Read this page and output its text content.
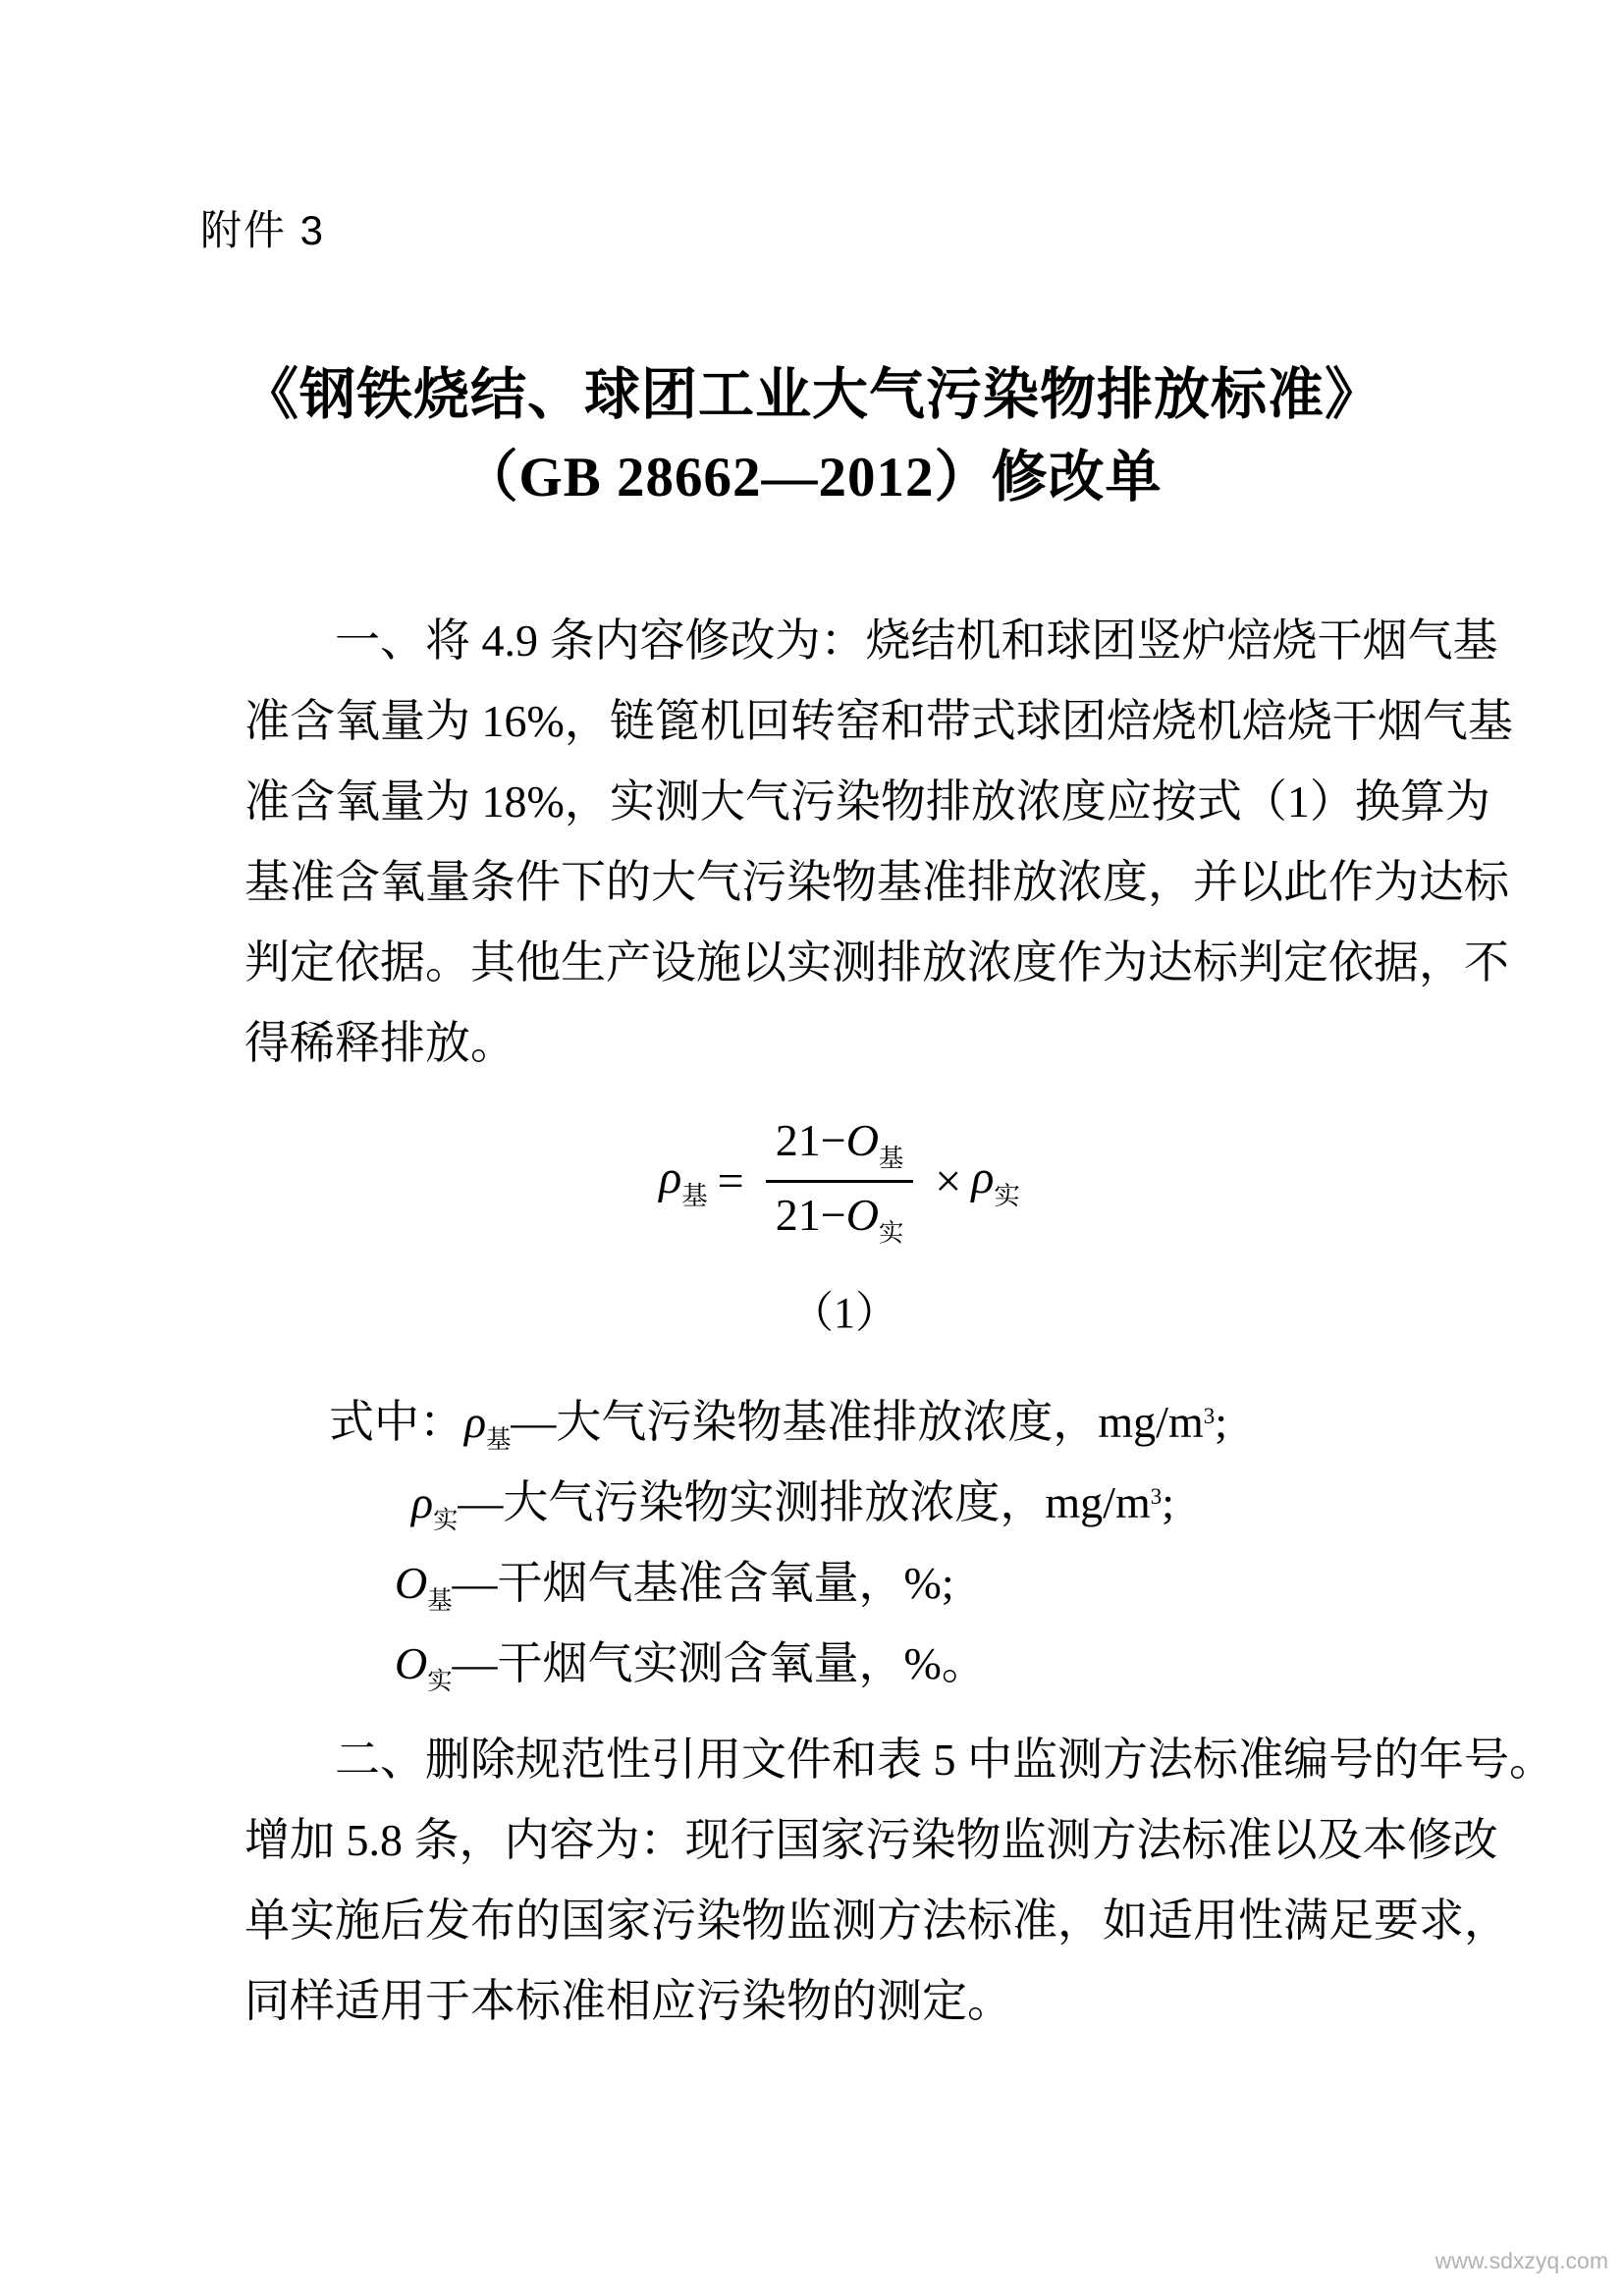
附件 3
《钢铁烧结、球团工业大气污染物排放标准》
（GB 28662—2012）修改单
一、将 4.9 条内容修改为：烧结机和球团竖炉焙烧干烟气基
准含氧量为 16%，链篦机回转窑和带式球团焙烧机焙烧干烟气基
准含氧量为 18%，实测大气污染物排放浓度应按式（1）换算为
基准含氧量条件下的大气污染物基准排放浓度，并以此作为达标
判定依据。其他生产设施以实测排放浓度作为达标判定依据，不
得稀释排放。
$\rho_基 = \frac{21-O_基}{21-O_实} \times \rho_实$
（1）
式中：$\rho_基—$大气污染物基准排放浓度，$mg/m^3$;
$\rho_实—$大气污染物实测排放浓度，$mg/m^3$;
$O_基—$干烟气基准含氧量，%;
$O_实—$干烟气实测含氧量，%。
二、删除规范性引用文件和表 5 中监测方法标准编号的年号。
增加 5.8 条，内容为：现行国家污染物监测方法标准以及本修改
单实施后发布的国家污染物监测方法标准，如适用性满足要求，
同样适用于本标准相应污染物的测定。
www.sdxzyq.com
